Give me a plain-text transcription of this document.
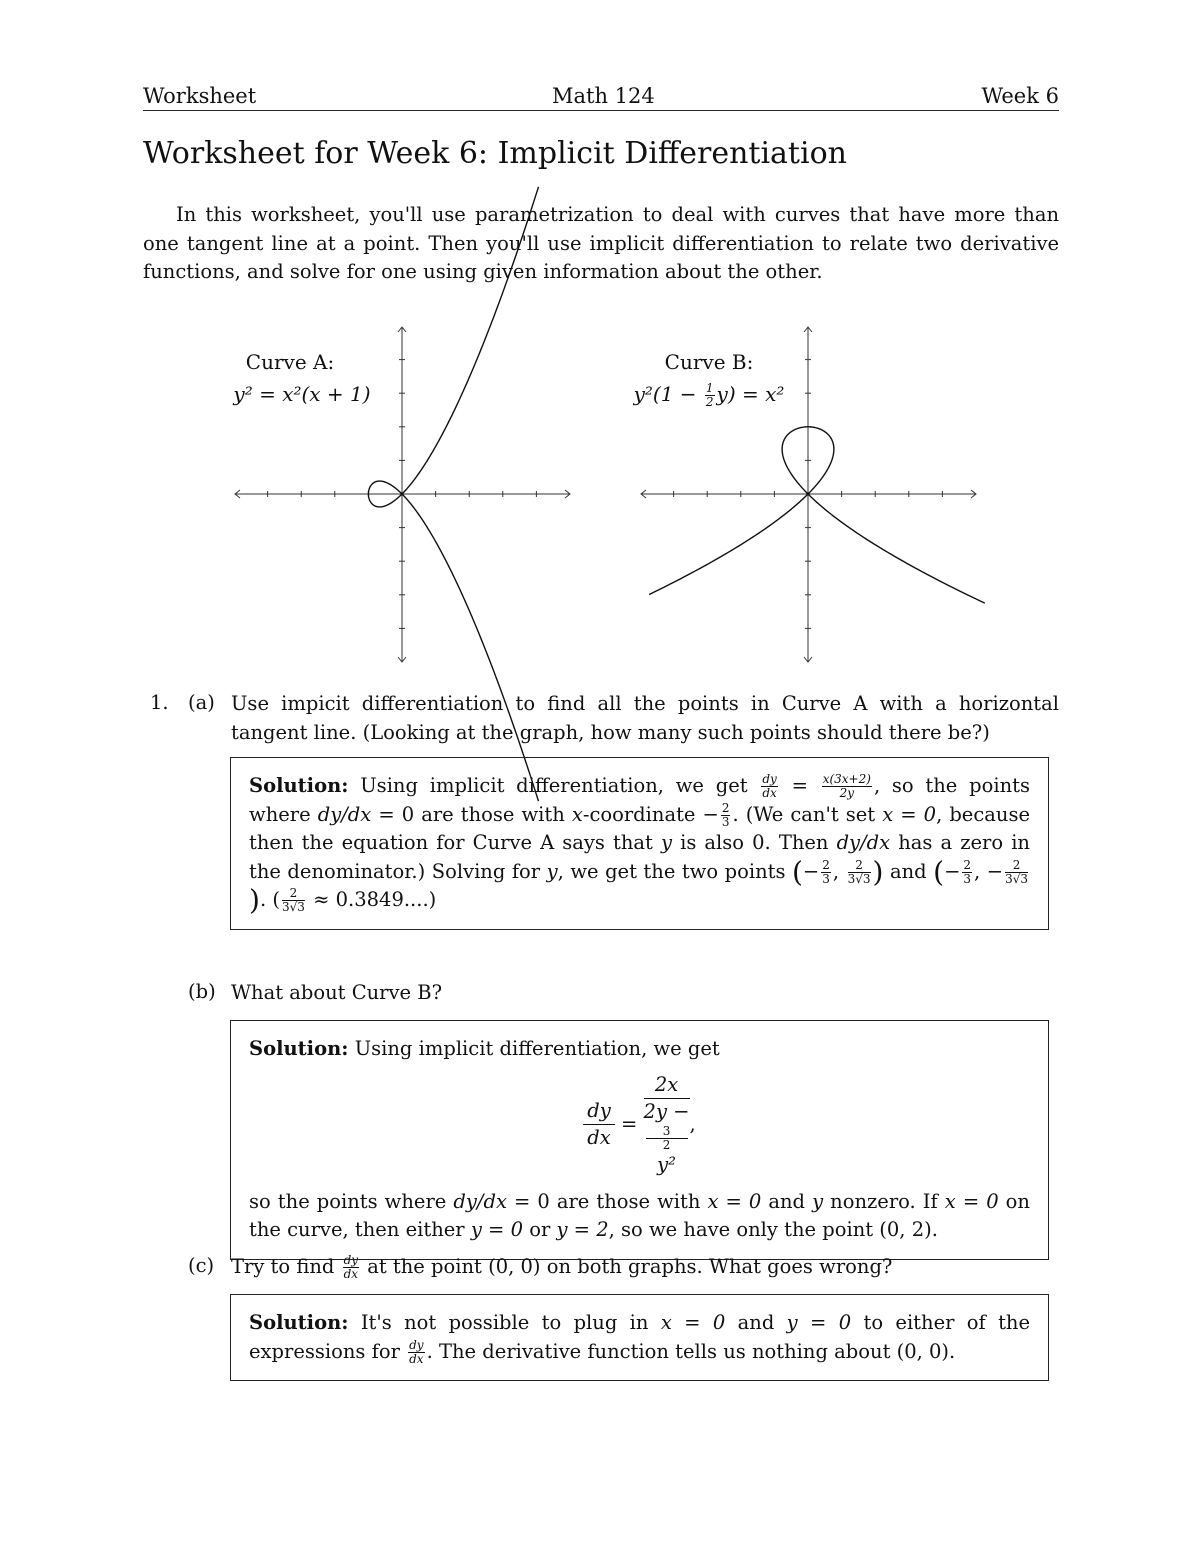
Worksheet	Math 124	Week 6
Worksheet for Week 6: Implicit Differentiation

In this worksheet, you'll use parametrization to deal with curves that have more than one tangent line at a point. Then you'll use implicit differentiation to relate two derivative functions, and solve for one using given information about the other.

Curve A:
y² = x²(x + 1)
Curve B:
$y^2(1 - \frac{1}{2} y) = x^2$
1. (a) Use impicit differentiation to find all the points in Curve A with a horizontal tangent line. (Looking at the graph, how many such points should there be?)
Solution: Using implicit differentiation, we get $\frac{dy}{dx} = \frac{x(3x+2)}{2y}$ , so the points where dy/dx = 0 are those with x-coordinate − $\frac{2}{3}$ . (We can't set x = 0, because then the equation for Curve A says that y is also 0. Then dy/dx has a zero in the denominator.) Solving for y, we get the two points (− $\frac{2}{3}$ , $\frac{2}{3√3}$ ) and (− $\frac{2}{3}$ , − $\frac{2}{3√3}$
). ( $\frac{2}{3√3} \approx 0.3849$....)
(b) What about Curve B?
Solution: Using implicit differentiation, we get
$\frac{dy}{dx} = 2x$
2y −
3
2
y² ,
so the points where dy/dx = 0 are those with x = 0 and y nonzero. If x = 0 on the curve, then either y = 0 or y = 2, so we have only the point (0, 2).
(c) Try to find $\frac{dy}{dx}$ at the point (0, 0) on both graphs. What goes wrong?
Solution: It's not possible to plug in x = 0 and y = 0 to either of the expressions for $\frac{dy}{dx}$ . The derivative function tells us nothing about (0, 0).
